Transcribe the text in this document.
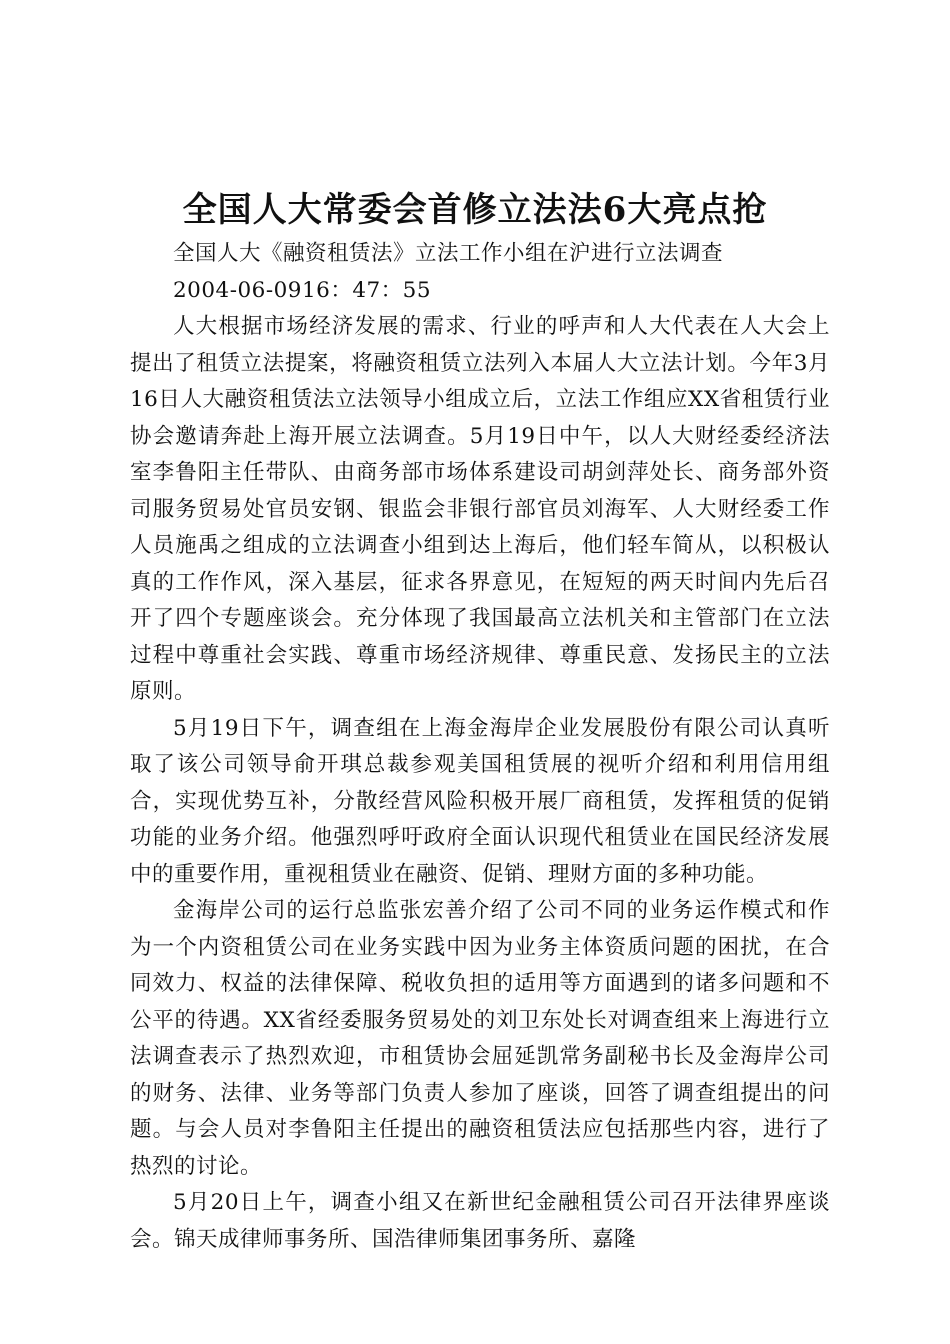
全国人大常委会首修立法法6大亮点抢

全国人大《融资租赁法》立法工作小组在沪进行立法调查

2004-06-0916：47：55

人大根据市场经济发展的需求、行业的呼声和人大代表在人大会上提出了租赁立法提案，将融资租赁立法列入本届人大立法计划。今年3月16日人大融资租赁法立法领导小组成立后，立法工作组应XX省租赁行业协会邀请奔赴上海开展立法调查。5月19日中午，以人大财经委经济法室李鲁阳主任带队、由商务部市场体系建设司胡剑萍处长、商务部外资司服务贸易处官员安钢、银监会非银行部官员刘海军、人大财经委工作人员施禹之组成的立法调查小组到达上海后，他们轻车简从，以积极认真的工作作风，深入基层，征求各界意见，在短短的两天时间内先后召开了四个专题座谈会。充分体现了我国最高立法机关和主管部门在立法过程中尊重社会实践、尊重市场经济规律、尊重民意、发扬民主的立法原则。

5月19日下午，调查组在上海金海岸企业发展股份有限公司认真听取了该公司领导俞开琪总裁参观美国租赁展的视听介绍和利用信用组合，实现优势互补，分散经营风险积极开展厂商租赁，发挥租赁的促销功能的业务介绍。他强烈呼吁政府全面认识现代租赁业在国民经济发展中的重要作用，重视租赁业在融资、促销、理财方面的多种功能。

金海岸公司的运行总监张宏善介绍了公司不同的业务运作模式和作为一个内资租赁公司在业务实践中因为业务主体资质问题的困扰，在合同效力、权益的法律保障、税收负担的适用等方面遇到的诸多问题和不公平的待遇。XX省经委服务贸易处的刘卫东处长对调查组来上海进行立法调查表示了热烈欢迎，市租赁协会屈延凯常务副秘书长及金海岸公司的财务、法律、业务等部门负责人参加了座谈，回答了调查组提出的问题。与会人员对李鲁阳主任提出的融资租赁法应包括那些内容，进行了热烈的讨论。

5月20日上午，调查小组又在新世纪金融租赁公司召开法律界座谈会。锦天成律师事务所、国浩律师集团事务所、嘉隆
